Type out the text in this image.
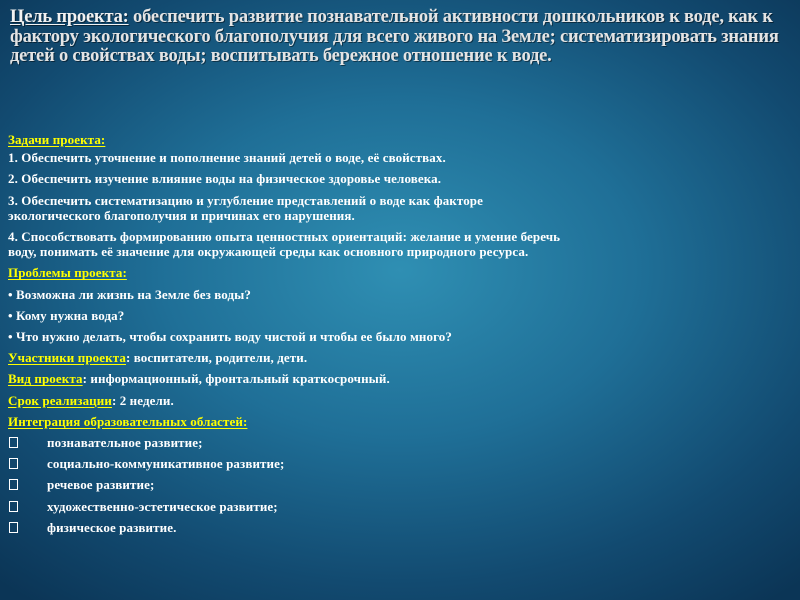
Цель проекта: обеспечить развитие познавательной активности дошкольников к воде, как к фактору экологического благополучия для всего живого на Земле; систематизировать знания детей о свойствах воды; воспитывать бережное отношение к воде.
Задачи проекта:
1. Обеспечить уточнение и пополнение знаний детей о воде, её свойствах.
2. Обеспечить изучение влияние воды на физическое здоровье человека.
3. Обеспечить систематизацию и углубление представлений о воде как факторе
экологического благополучия и причинах его нарушения.
4. Способствовать формированию опыта ценностных ориентаций: желание и умение беречь
воду, понимать её значение для окружающей среды как основного природного ресурса.
Проблемы проекта:
• Возможна ли жизнь на Земле без воды?
• Кому нужна вода?
• Что нужно делать, чтобы сохранить воду чистой и чтобы ее было много?
Участники проекта: воспитатели, родители, дети.
Вид проекта: информационный, фронтальный краткосрочный.
Срок реализации: 2 недели.
Интеграция образовательных областей:
познавательное развитие;
социально-коммуникативное развитие;
речевое развитие;
художественно-эстетическое развитие;
физическое развитие.
